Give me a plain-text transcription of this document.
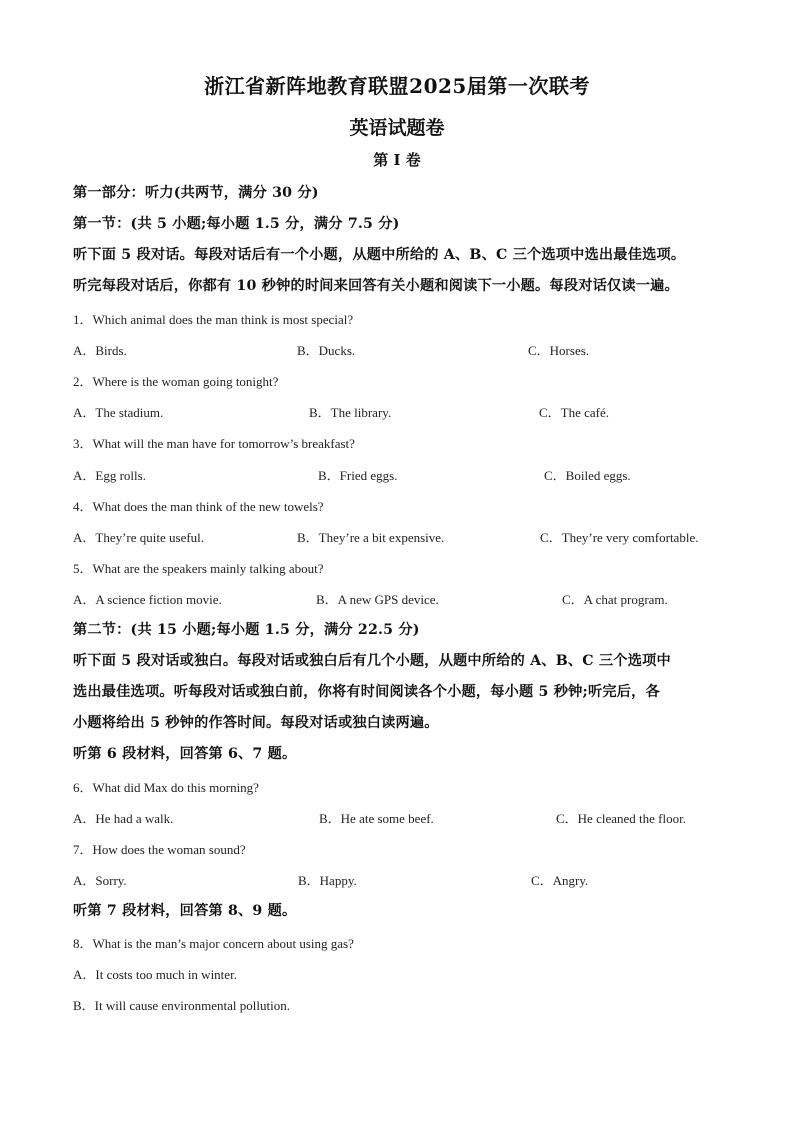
浙江省新阵地教育联盟2025届第一次联考
英语试题卷
第 I 卷
第一部分：听力(共两节，满分 30 分)
第一节：(共 5 小题;每小题 1.5 分，满分 7.5 分)
听下面 5 段对话。每段对话后有一个小题，从题中所给的 A、B、C 三个选项中选出最佳选项。
听完每段对话后，你都有 10 秒钟的时间来回答有关小题和阅读下一小题。每段对话仅读一遍。
1．Which animal does the man think is most special?
A．Birds.	B．Ducks.	C．Horses.
2．Where is the woman going tonight?
A．The stadium.	B．The library.	C．The café.
3．What will the man have for tomorrow’s breakfast?
A．Egg rolls.	B．Fried eggs.	C．Boiled eggs.
4．What does the man think of the new towels?
A．They’re quite useful.	B．They’re a bit expensive.	C．They’re very comfortable.
5．What are the speakers mainly talking about?
A．A science fiction movie.	B．A new GPS device.	C．A chat program.
第二节：(共 15 小题;每小题 1.5 分，满分 22.5 分)
听下面 5 段对话或独白。每段对话或独白后有几个小题，从题中所给的 A、B、C 三个选项中
选出最佳选项。听每段对话或独白前，你将有时间阅读各个小题，每小题 5 秒钟;听完后，各
小题将给出 5 秒钟的作答时间。每段对话或独白读两遍。
听第 6 段材料，回答第 6、7 题。
6．What did Max do this morning?
A．He had a walk.	B．He ate some beef.	C．He cleaned the floor.
7．How does the woman sound?
A．Sorry.	B．Happy.	C．Angry.
听第 7 段材料，回答第 8、9 题。
8．What is the man’s major concern about using gas?
A．It costs too much in winter.
B．It will cause environmental pollution.
